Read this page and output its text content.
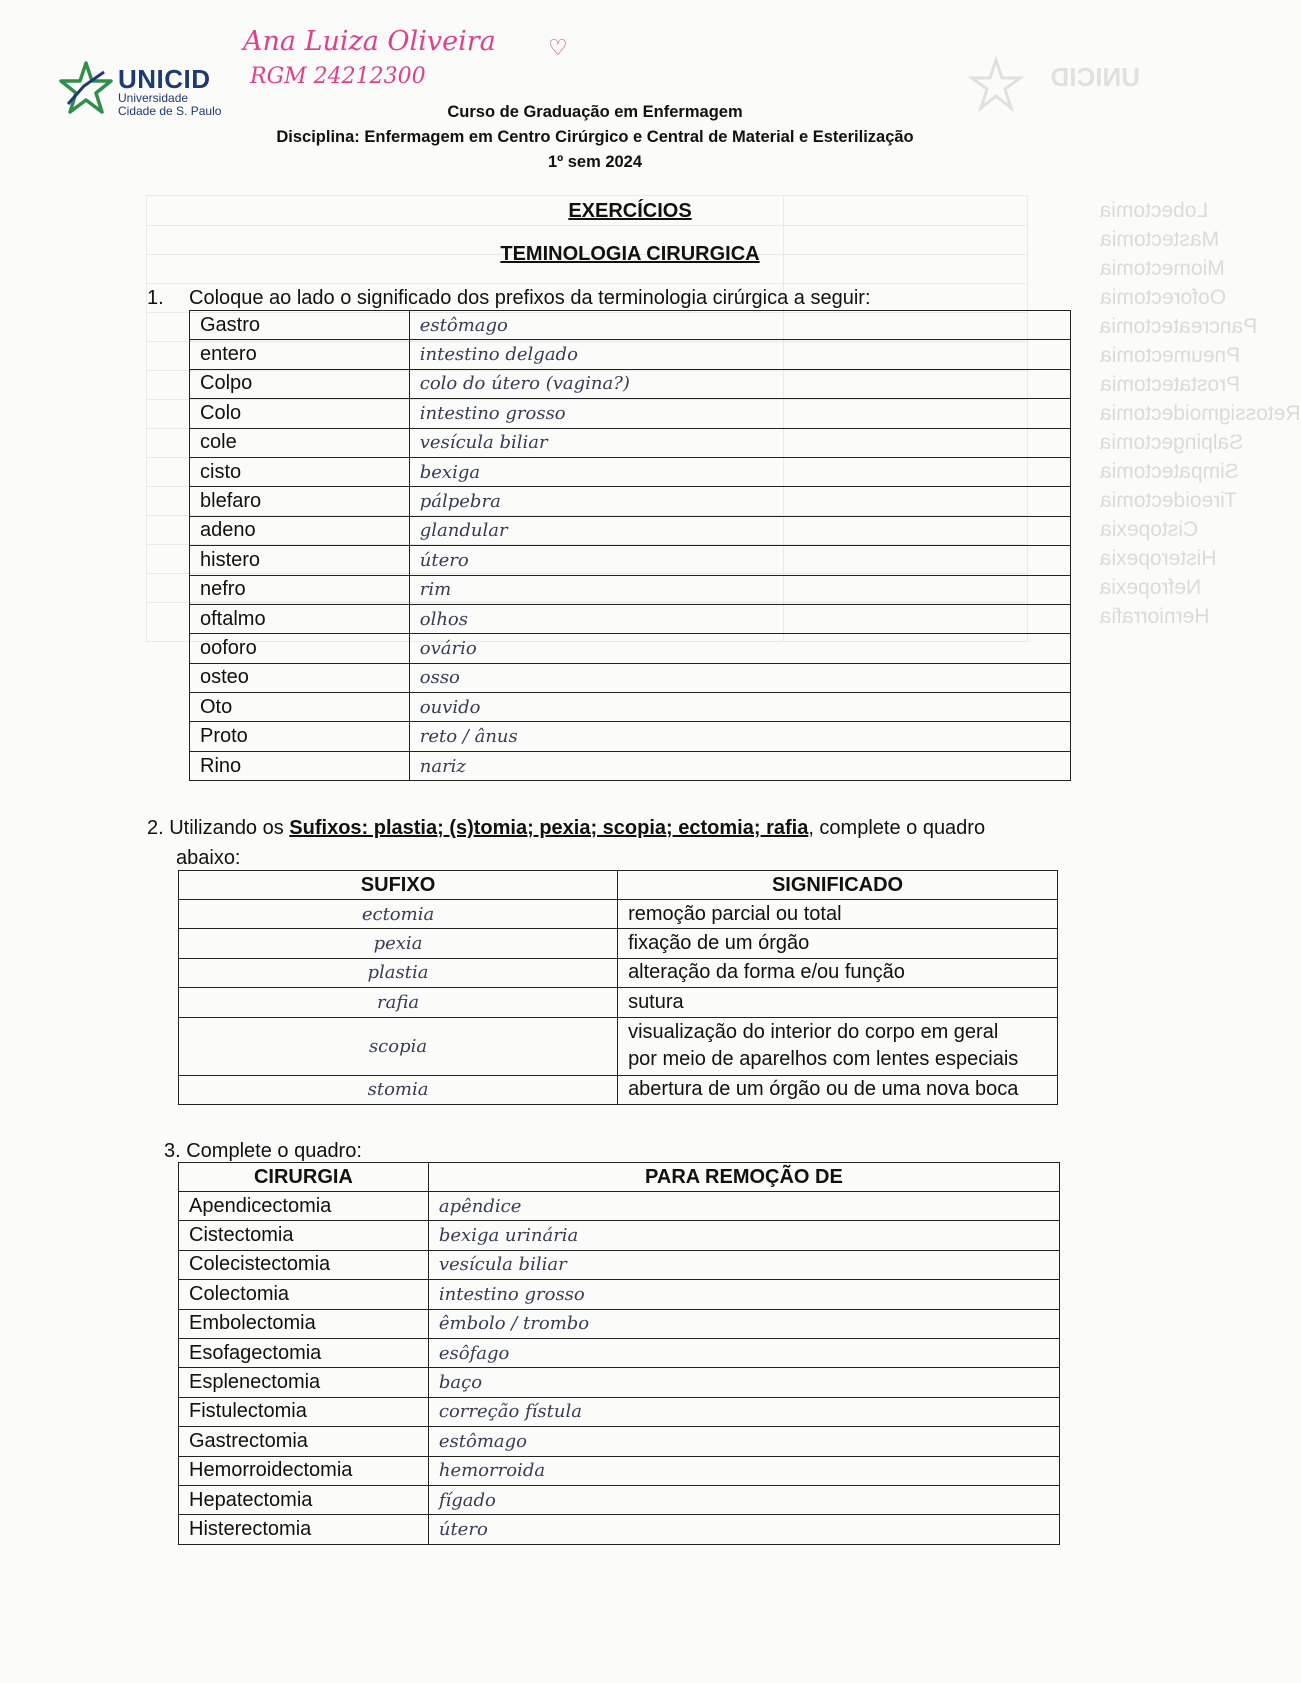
Lobectomia
Mastectomia
Miomectomia
Ooforectomia
Pancreatectomia
Pneumectomia
Prostatectomia
Retossigmoidectomia
Salpingectomia
Simpatectomia
Tireoidectomia
Cistopexia
Histeropexia
Nefropexia
Herniorrafia
UNICID
Ana Luiza Oliveira ♡
RGM 24212300
UNICID
Universidade
Cidade de S. Paulo	Curso de Graduação em Enfermagem
Disciplina: Enfermagem em Centro Cirúrgico e Central de Material e Esterilização
1º sem 2024
EXERCÍCIOS
TEMINOLOGIA CIRURGICA
1. Coloque ao lado o significado dos prefixos da terminologia cirúrgica a seguir:
Gastro	estômago
entero	intestino delgado
Colpo	colo do útero (vagina?)
Colo	intestino grosso
cole	vesícula biliar
cisto	bexiga
blefaro	pálpebra
adeno	glandular
histero	útero
nefro	rim
oftalmo	olhos
ooforo	ovário
osteo	osso
Oto	ouvido
Proto	reto / ânus
Rino	nariz
2. Utilizando os Sufixos: plastia; (s)tomia; pexia; scopia; ectomia; rafia, complete o quadro
abaixo:
SUFIXO	SIGNIFICADO
ectomia	remoção parcial ou total

pexia	fixação de um órgão

plastia	alteração da forma e/ou função

rafia	sutura

scopia	visualização do interior do corpo em geral
por meio de aparelhos com lentes especiais

stomia	abertura de um órgão ou de uma nova boca
3. Complete o quadro:
CIRURGIA	PARA REMOÇÃO DE
Apendicectomia	apêndice
Cistectomia	bexiga urinária
Colecistectomia	vesícula biliar
Colectomia	intestino grosso
Embolectomia	êmbolo / trombo
Esofagectomia	esôfago
Esplenectomia	baço
Fistulectomia	correção fístula
Gastrectomia	estômago
Hemorroidectomia	hemorroida
Hepatectomia	fígado
Histerectomia	útero
